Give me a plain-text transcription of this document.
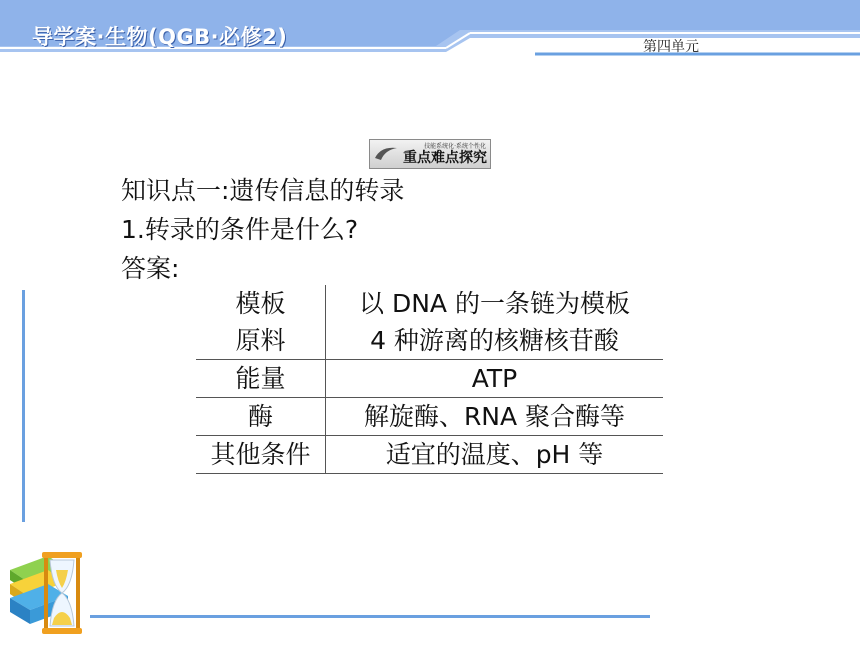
导学案·生物(QGB·必修2)	第四单元
技能系统化·系统个性化
重点难点探究
知识点一:遗传信息的转录
1.转录的条件是什么?
答案:
模板	以 DNA 的一条链为模板
原料	4 种游离的核糖核苷酸
能量	ATP
酶	解旋酶、RNA 聚合酶等
其他条件	适宜的温度、pH 等
